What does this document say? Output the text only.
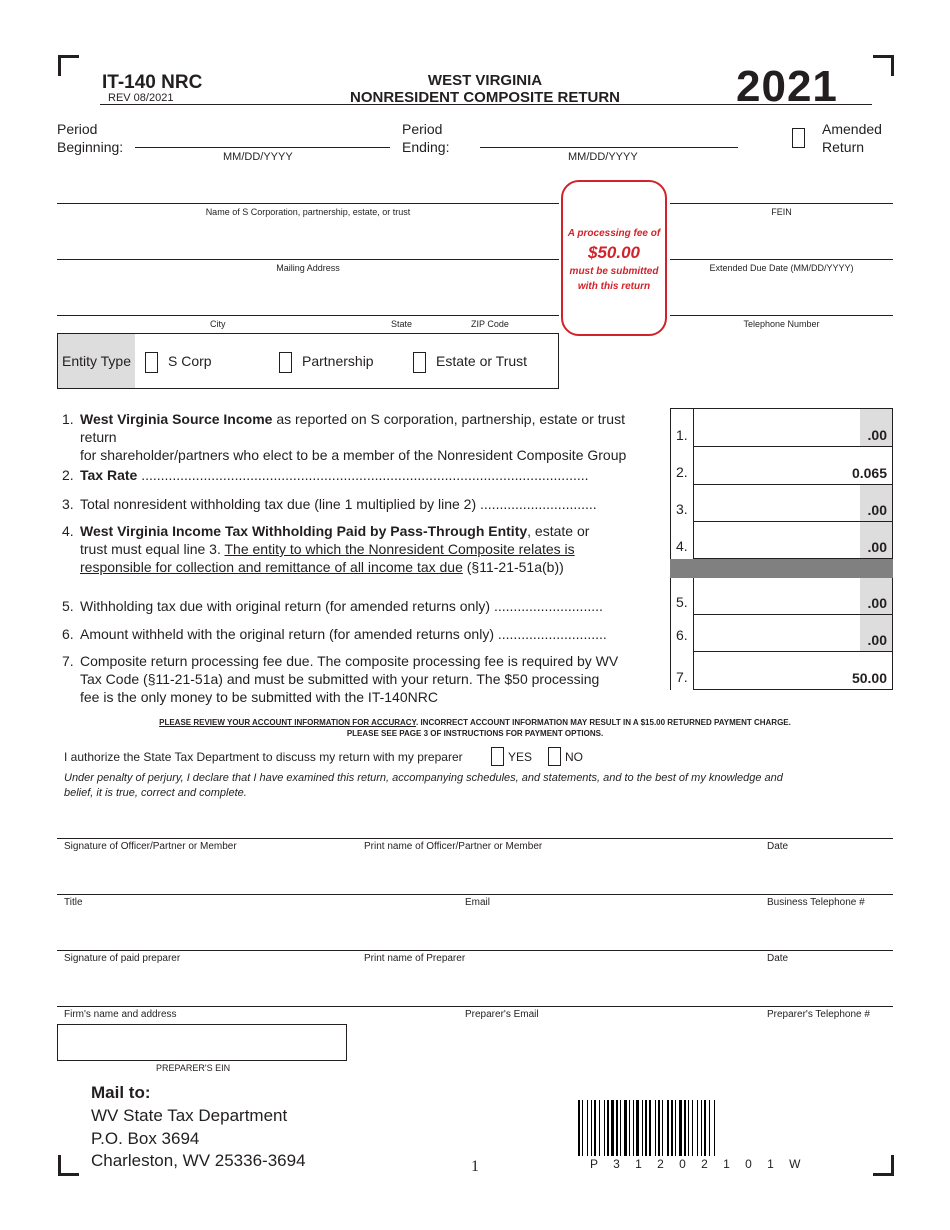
IT-140 NRC
REV 08/2021
WEST VIRGINIA
NONRESIDENT COMPOSITE RETURN	2021
Period
Beginning:
MM/DD/YYYY
Period
Ending:
MM/DD/YYYY
Amended
Return
Name of S Corporation, partnership, estate, or trust	FEIN
Mailing Address	Extended Due Date (MM/DD/YYYY)
City	State	ZIP Code	Telephone Number
A processing fee of
$50.00
must be submitted
with this return
Entity Type	S Corp	Partnership	Estate or Trust
1. West Virginia Source Income as reported on S corporation, partnership, estate or trust return
for shareholder/partners who elect to be a member of the Nonresident Composite Group
1.	.00
2. Tax Rate ...................................................................................................................	2.	0.065
3. Total nonresident withholding tax due (line 1 multiplied by line 2) ..............................	3.	.00
4. West Virginia Income Tax Withholding Paid by Pass-Through Entity, estate or
trust must equal line 3. The entity to which the Nonresident Composite relates is
responsible for collection and remittance of all income tax due (§11-21-51a(b))
4.	.00
5. Withholding tax due with original return (for amended returns only) ............................	5.	.00
6. Amount withheld with the original return (for amended returns only) ............................	6.	.00
7. Composite return processing fee due. The composite processing fee is required by WV
Tax Code (§11-21-51a) and must be submitted with your return. The $50 processing
fee is the only money to be submitted with the IT-140NRC
7.	50.00
PLEASE REVIEW YOUR ACCOUNT INFORMATION FOR ACCURACY. INCORRECT ACCOUNT INFORMATION MAY RESULT IN A $15.00 RETURNED PAYMENT CHARGE.
PLEASE SEE PAGE 3 OF INSTRUCTIONS FOR PAYMENT OPTIONS.
I authorize the State Tax Department to discuss my return with my preparer	YES	NO
Under penalty of perjury, I declare that I have examined this return, accompanying schedules, and statements, and to the best of my knowledge and
belief, it is true, correct and complete.
Signature of Officer/Partner or Member	Print name of Officer/Partner or Member	Date
Title	Email	Business Telephone #
Signature of paid preparer	Print name of Preparer	Date
Firm's name and address	Preparer's Email	Preparer's Telephone #
PREPARER'S EIN
Mail to:
WV State Tax Department
P.O. Box 3694
Charleston, WV 25336-3694	P 3 1 2 0 2 1 0 1 W
1
